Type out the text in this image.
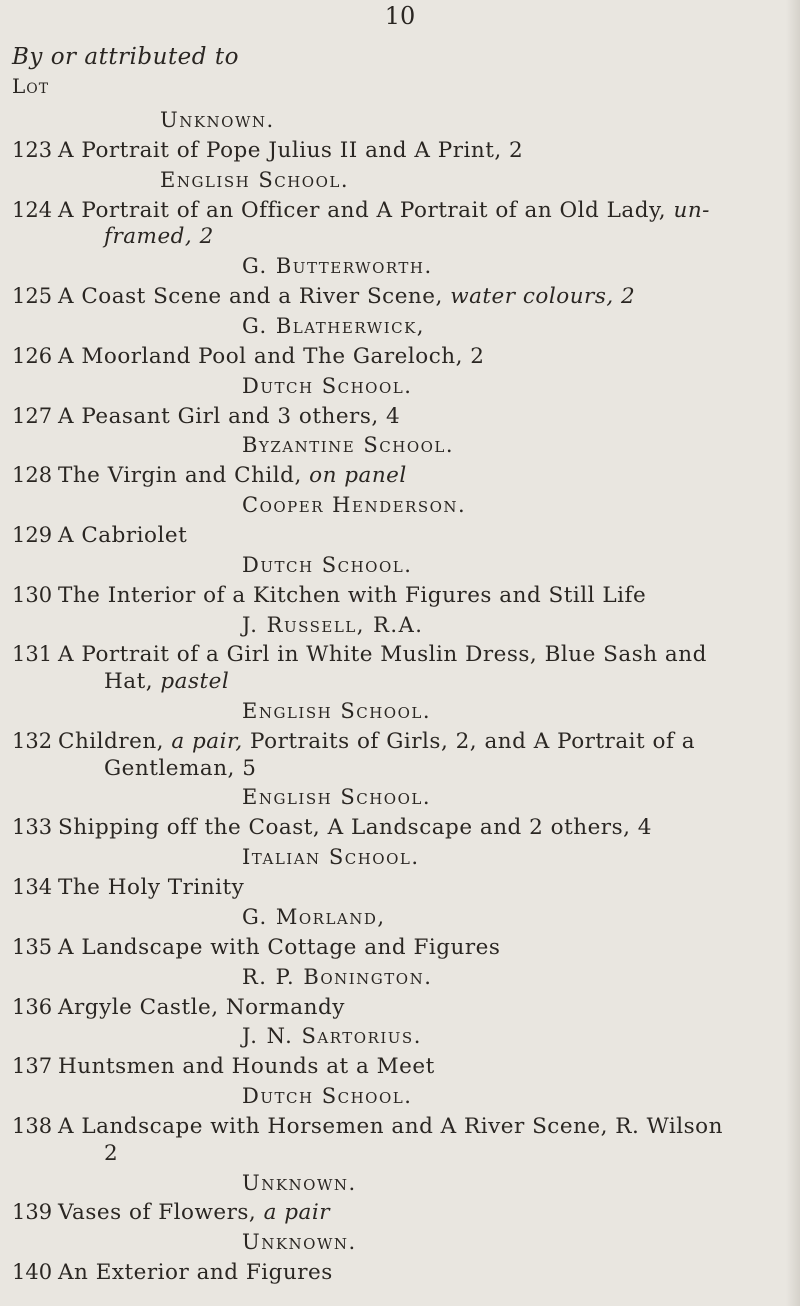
10
By or attributed to
Lot
Unknown.
123 A Portrait of Pope Julius II and A Print, 2
English School.
124 A Portrait of an Officer and A Portrait of an Old Lady, un-
framed, 2
G. Butterworth.
125 A Coast Scene and a River Scene, water colours, 2
G. Blatherwick,
126 A Moorland Pool and The Gareloch, 2
Dutch School.
127 A Peasant Girl and 3 others, 4
Byzantine School.
128 The Virgin and Child, on panel
Cooper Henderson.
129 A Cabriolet
Dutch School.
130 The Interior of a Kitchen with Figures and Still Life
J. Russell, R.A.
131 A Portrait of a Girl in White Muslin Dress, Blue Sash and
Hat, pastel
English School.
132 Children, a pair, Portraits of Girls, 2, and A Portrait of a
Gentleman, 5
English School.
133 Shipping off the Coast, A Landscape and 2 others, 4
Italian School.
134 The Holy Trinity
G. Morland,
135 A Landscape with Cottage and Figures
R. P. Bonington.
136 Argyle Castle, Normandy
J. N. Sartorius.
137 Huntsmen and Hounds at a Meet
Dutch School.
138 A Landscape with Horsemen and A River Scene, R. Wilson
2
Unknown.
139 Vases of Flowers, a pair
Unknown.
140 An Exterior and Figures
